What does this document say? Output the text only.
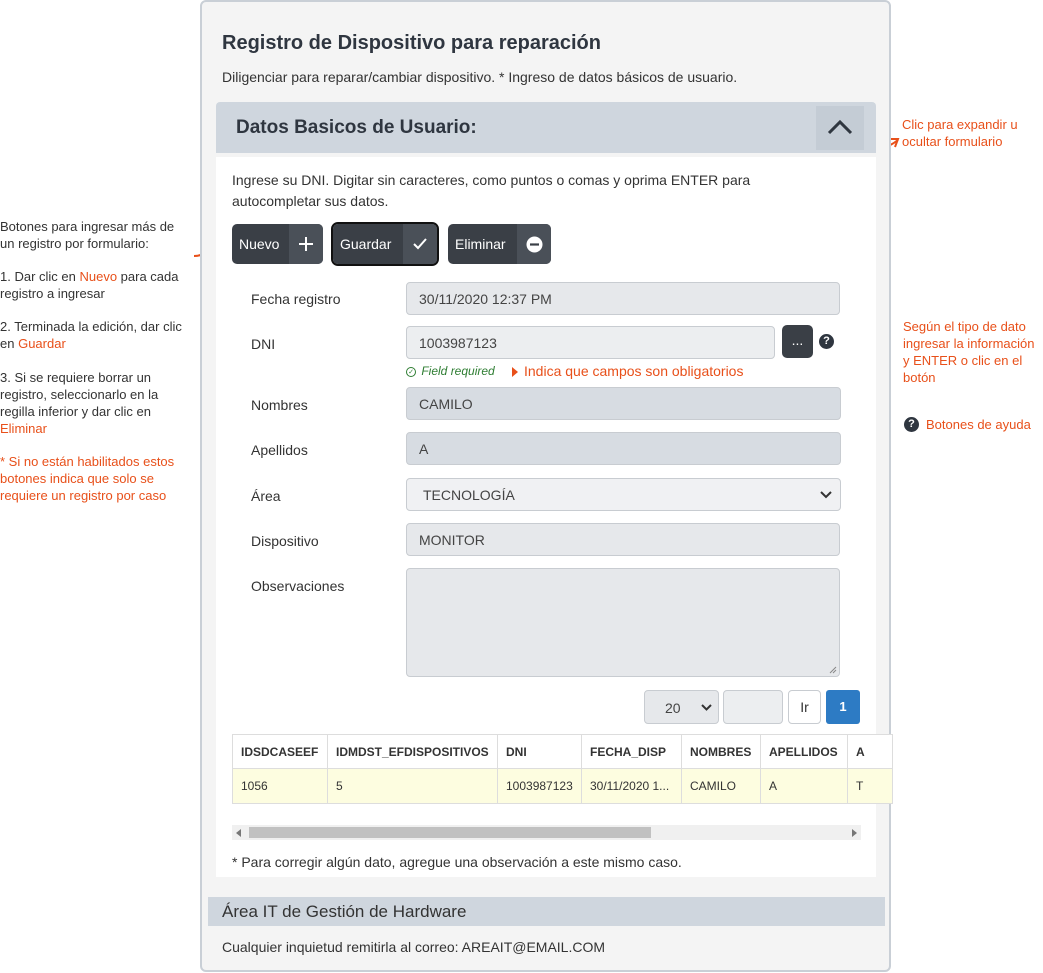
Botones para ingresar más de un registro por formulario:
1. Dar clic en Nuevo para cada registro a ingresar
2. Terminada la edición, dar clic en Guardar
3. Si se requiere borrar un registro, seleccionarlo en la regilla inferior y dar clic en Eliminar
* Si no están habilitados estos botones indica que solo se requiere un registro por caso
Clic para expandir u ocultar formulario
Según el tipo de dato ingresar la información y ENTER o clic en el botón
? Botones de ayuda
Registro de Dispositivo para reparación
Diligenciar para reparar/cambiar dispositivo. * Ingreso de datos básicos de usuario.
Datos Basicos de Usuario:
Ingrese su DNI. Digitar sin caracteres, como puntos o comas y oprima ENTER para autocompletar sus datos.
Nuevo	Guardar	Eliminar
Fecha registro	30/11/2020 12:37 PM
DNI	1003987123	...	?
✓ Field required	Indica que campos son obligatorios
Nombres	CAMILO
Apellidos	A
Área	TECNOLOGÍA
Dispositivo	MONITOR
Observaciones
20	Ir	1
IDSDCASEEF	IDMDST_EFDISPOSITIVOS	DNI	FECHA_DISP	NOMBRES	APELLIDOS	A
1056	5	1003987123	30/11/2020 1...	CAMILO	A	T
* Para corregir algún dato, agregue una observación a este mismo caso.
Área IT de Gestión de Hardware
Cualquier inquietud remitirla al correo: AREAIT@EMAIL.COM
